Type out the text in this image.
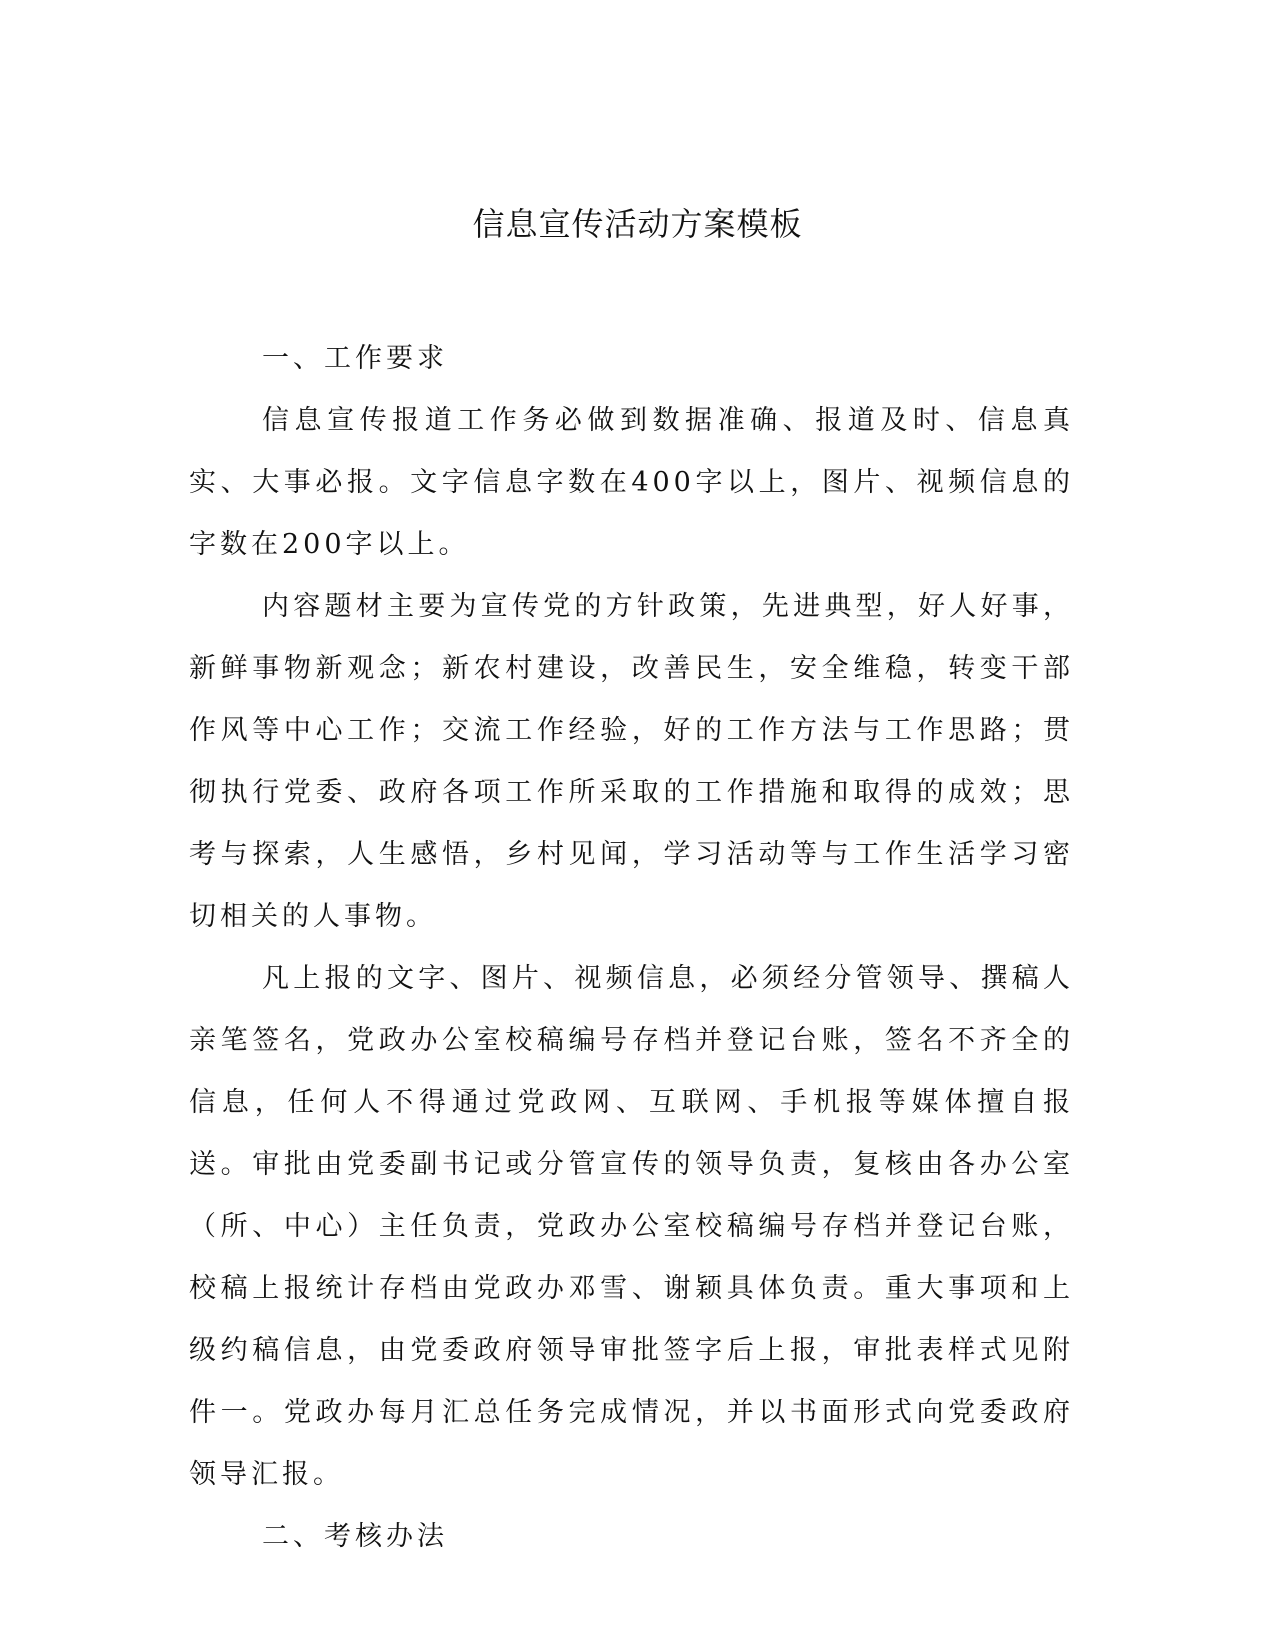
信息宣传活动方案模板
一、工作要求

信息宣传报道工作务必做到数据准确、报道及时、信息真实、大事必报。文字信息字数在400字以上，图片、视频信息的字数在200字以上。

内容题材主要为宣传党的方针政策，先进典型，好人好事，新鲜事物新观念；新农村建设，改善民生，安全维稳，转变干部作风等中心工作；交流工作经验，好的工作方法与工作思路；贯彻执行党委、政府各项工作所采取的工作措施和取得的成效；思考与探索，人生感悟，乡村见闻，学习活动等与工作生活学习密切相关的人事物。

凡上报的文字、图片、视频信息，必须经分管领导、撰稿人亲笔签名，党政办公室校稿编号存档并登记台账，签名不齐全的信息，任何人不得通过党政网、互联网、手机报等媒体擅自报送。审批由党委副书记或分管宣传的领导负责，复核由各办公室（所、中心）主任负责，党政办公室校稿编号存档并登记台账，校稿上报统计存档由党政办邓雪、谢颖具体负责。重大事项和上级约稿信息，由党委政府领导审批签字后上报，审批表样式见附件一。党政办每月汇总任务完成情况，并以书面形式向党委政府领导汇报。

二、考核办法
